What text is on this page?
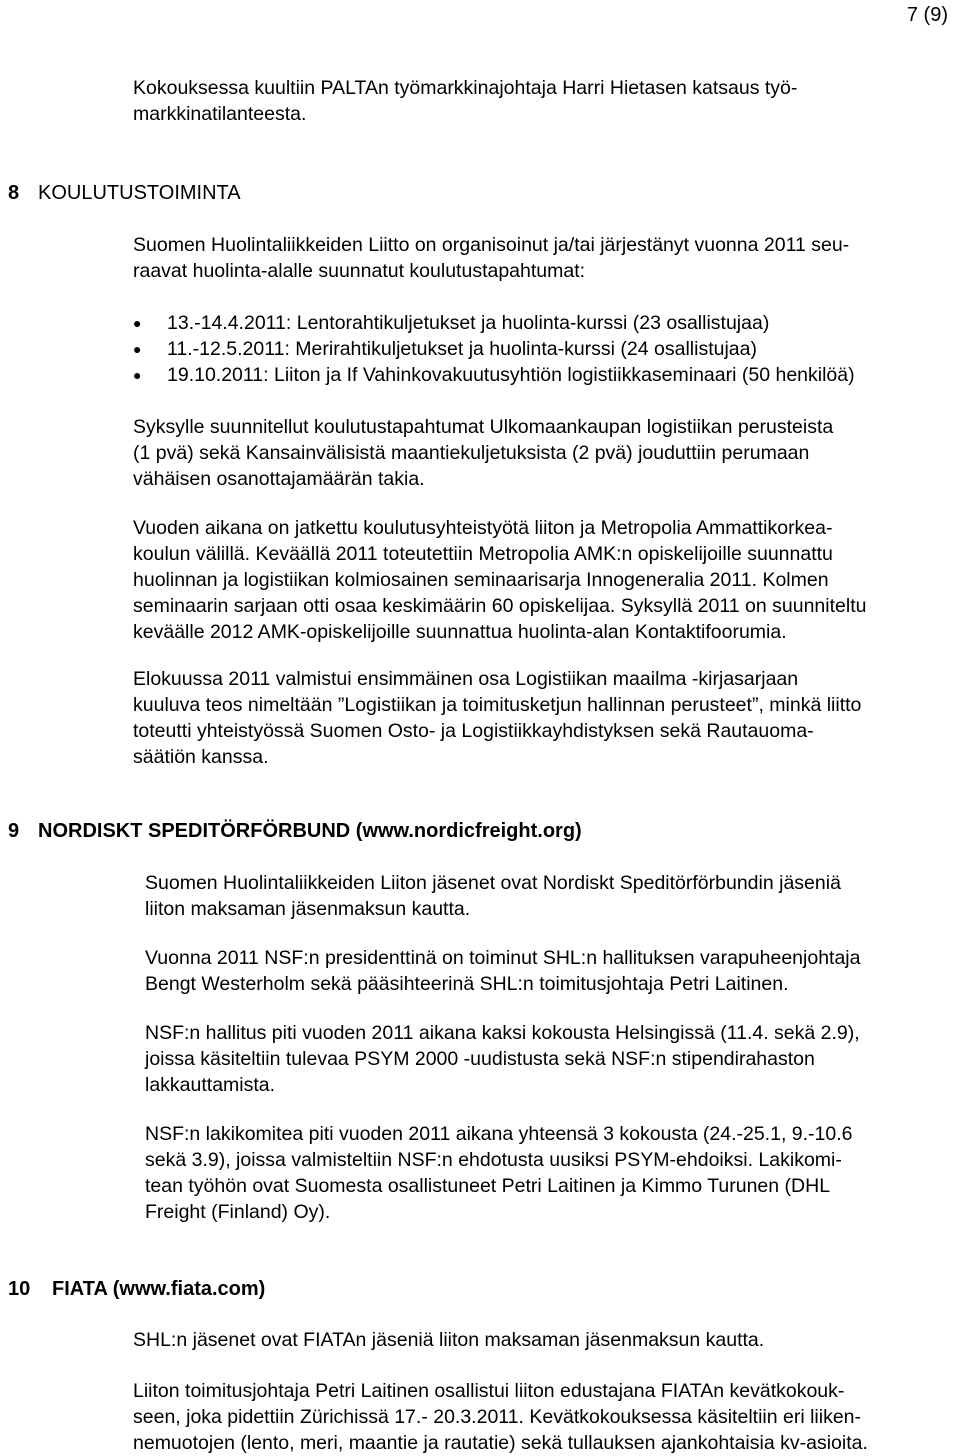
7 (9)

Kokouksessa kuultiin PALTAn työmarkkinajohtaja Harri Hietasen katsaus työ-
markkinatilanteesta.

8 KOULUTUSTOIMINTA

Suomen Huolintaliikkeiden Liitto on organisoinut ja/tai järjestänyt vuonna 2011 seu-
raavat huolinta-alalle suunnatut koulutustapahtumat:

● 13.-14.4.2011: Lentorahtikuljetukset ja huolinta-kurssi (23 osallistujaa)
● 11.-12.5.2011: Merirahtikuljetukset ja huolinta-kurssi (24 osallistujaa)
● 19.10.2011: Liiton ja If Vahinkovakuutusyhtiön logistiikkaseminaari (50 henkilöä)

Syksylle suunnitellut koulutustapahtumat Ulkomaankaupan logistiikan perusteista
(1 pvä) sekä Kansainvälisistä maantiekuljetuksista (2 pvä) jouduttiin perumaan
vähäisen osanottajamäärän takia.

Vuoden aikana on jatkettu koulutusyhteistyötä liiton ja Metropolia Ammattikorkea-
koulun välillä. Keväällä 2011 toteutettiin Metropolia AMK:n opiskelijoille suunnattu
huolinnan ja logistiikan kolmiosainen seminaarisarja Innogeneralia 2011. Kolmen
seminaarin sarjaan otti osaa keskimäärin 60 opiskelijaa. Syksyllä 2011 on suunniteltu
keväälle 2012 AMK-opiskelijoille suunnattua huolinta-alan Kontaktifoorumia.

Elokuussa 2011 valmistui ensimmäinen osa Logistiikan maailma -kirjasarjaan
kuuluva teos nimeltään ”Logistiikan ja toimitusketjun hallinnan perusteet”, minkä liitto
toteutti yhteistyössä Suomen Osto- ja Logistiikkayhdistyksen sekä Rautauoma-
säätiön kanssa.

9 NORDISKT SPEDITÖRFÖRBUND (www.nordicfreight.org)

Suomen Huolintaliikkeiden Liiton jäsenet ovat Nordiskt Speditörförbundin jäseniä
liiton maksaman jäsenmaksun kautta.

Vuonna 2011 NSF:n presidenttinä on toiminut SHL:n hallituksen varapuheenjohtaja
Bengt Westerholm sekä pääsihteerinä SHL:n toimitusjohtaja Petri Laitinen.

NSF:n hallitus piti vuoden 2011 aikana kaksi kokousta Helsingissä (11.4. sekä 2.9),
joissa käsiteltiin tulevaa PSYM 2000 -uudistusta sekä NSF:n stipendirahaston
lakkauttamista.

NSF:n lakikomitea piti vuoden 2011 aikana yhteensä 3 kokousta (24.-25.1, 9.-10.6
sekä 3.9), joissa valmisteltiin NSF:n ehdotusta uusiksi PSYM-ehdoiksi. Lakikomi-
tean työhön ovat Suomesta osallistuneet Petri Laitinen ja Kimmo Turunen (DHL
Freight (Finland) Oy).

10 FIATA (www.fiata.com)

SHL:n jäsenet ovat FIATAn jäseniä liiton maksaman jäsenmaksun kautta.

Liiton toimitusjohtaja Petri Laitinen osallistui liiton edustajana FIATAn kevätkokouk-
seen, joka pidettiin Zürichissä 17.- 20.3.2011. Kevätkokouksessa käsiteltiin eri liiken-
nemuotojen (lento, meri, maantie ja rautatie) sekä tullauksen ajankohtaisia kv-asioita.
